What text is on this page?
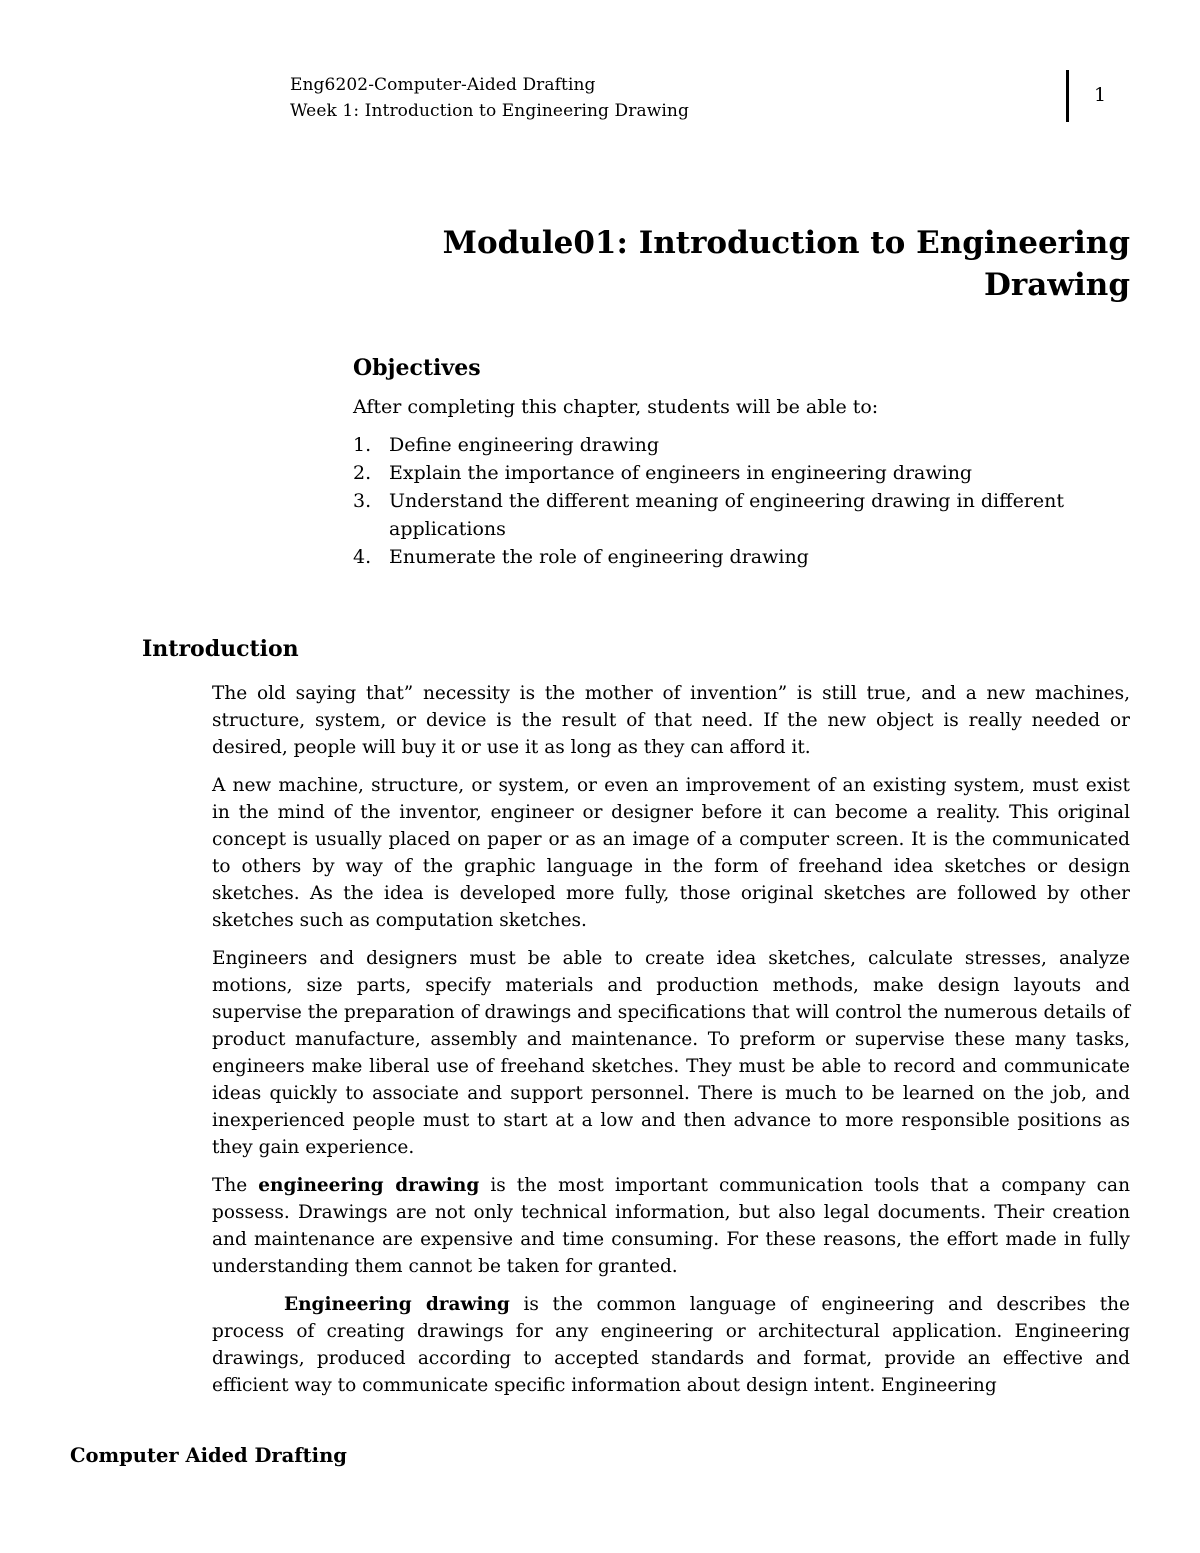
Eng6202-Computer-Aided Drafting
Week 1: Introduction to Engineering Drawing
1
Module01: Introduction to Engineering
Drawing
Objectives
After completing this chapter, students will be able to:
1. Define engineering drawing
2. Explain the importance of engineers in engineering drawing
3. Understand the different meaning of engineering drawing in different applications
4. Enumerate the role of engineering drawing
Introduction

The old saying that” necessity is the mother of invention” is still true, and a new machines, structure, system, or device is the result of that need. If the new object is really needed or desired, people will buy it or use it as long as they can afford it.

A new machine, structure, or system, or even an improvement of an existing system, must exist in the mind of the inventor, engineer or designer before it can become a reality. This original concept is usually placed on paper or as an image of a computer screen. It is the communicated to others by way of the graphic language in the form of freehand idea sketches or design sketches. As the idea is developed more fully, those original sketches are followed by other sketches such as computation sketches.

Engineers and designers must be able to create idea sketches, calculate stresses, analyze motions, size parts, specify materials and production methods, make design layouts and supervise the preparation of drawings and specifications that will control the numerous details of product manufacture, assembly and maintenance. To preform or supervise these many tasks, engineers make liberal use of freehand sketches. They must be able to record and communicate ideas quickly to associate and support personnel. There is much to be learned on the job, and inexperienced people must to start at a low and then advance to more responsible positions as they gain experience.

The engineering drawing is the most important communication tools that a company can possess. Drawings are not only technical information, but also legal documents. Their creation and maintenance are expensive and time consuming. For these reasons, the effort made in fully understanding them cannot be taken for granted.

Engineering drawing is the common language of engineering and describes the process of creating drawings for any engineering or architectural application. Engineering drawings, produced according to accepted standards and format, provide an effective and efficient way to communicate specific information about design intent. Engineering

Computer Aided Drafting
